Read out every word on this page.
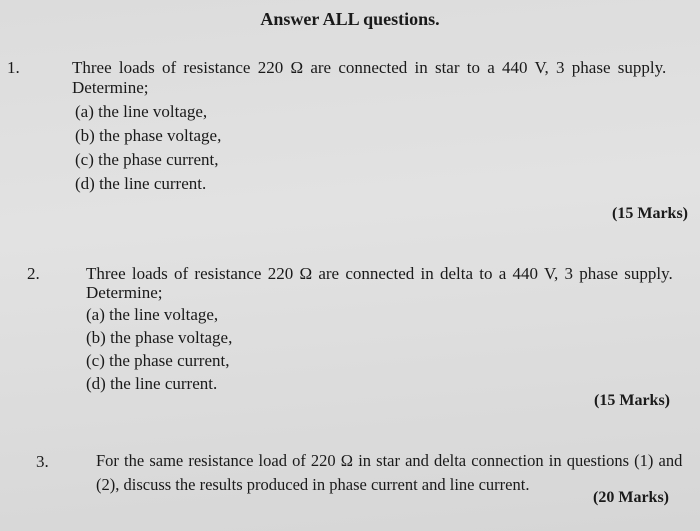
Answer ALL questions.
1.	Three loads of resistance 220 Ω are connected in star to a 440 V, 3 phase supply.
Determine;
(a) the line voltage,
(b) the phase voltage,
(c) the phase current,
(d) the line current.
(15 Marks)
2.	Three loads of resistance 220 Ω are connected in delta to a 440 V, 3 phase supply.
Determine;
(a) the line voltage,
(b) the phase voltage,
(c) the phase current,
(d) the line current.
(15 Marks)
3.	For the same resistance load of 220 Ω in star and delta connection in questions (1) and
(2), discuss the results produced in phase current and line current.
(20 Marks)
